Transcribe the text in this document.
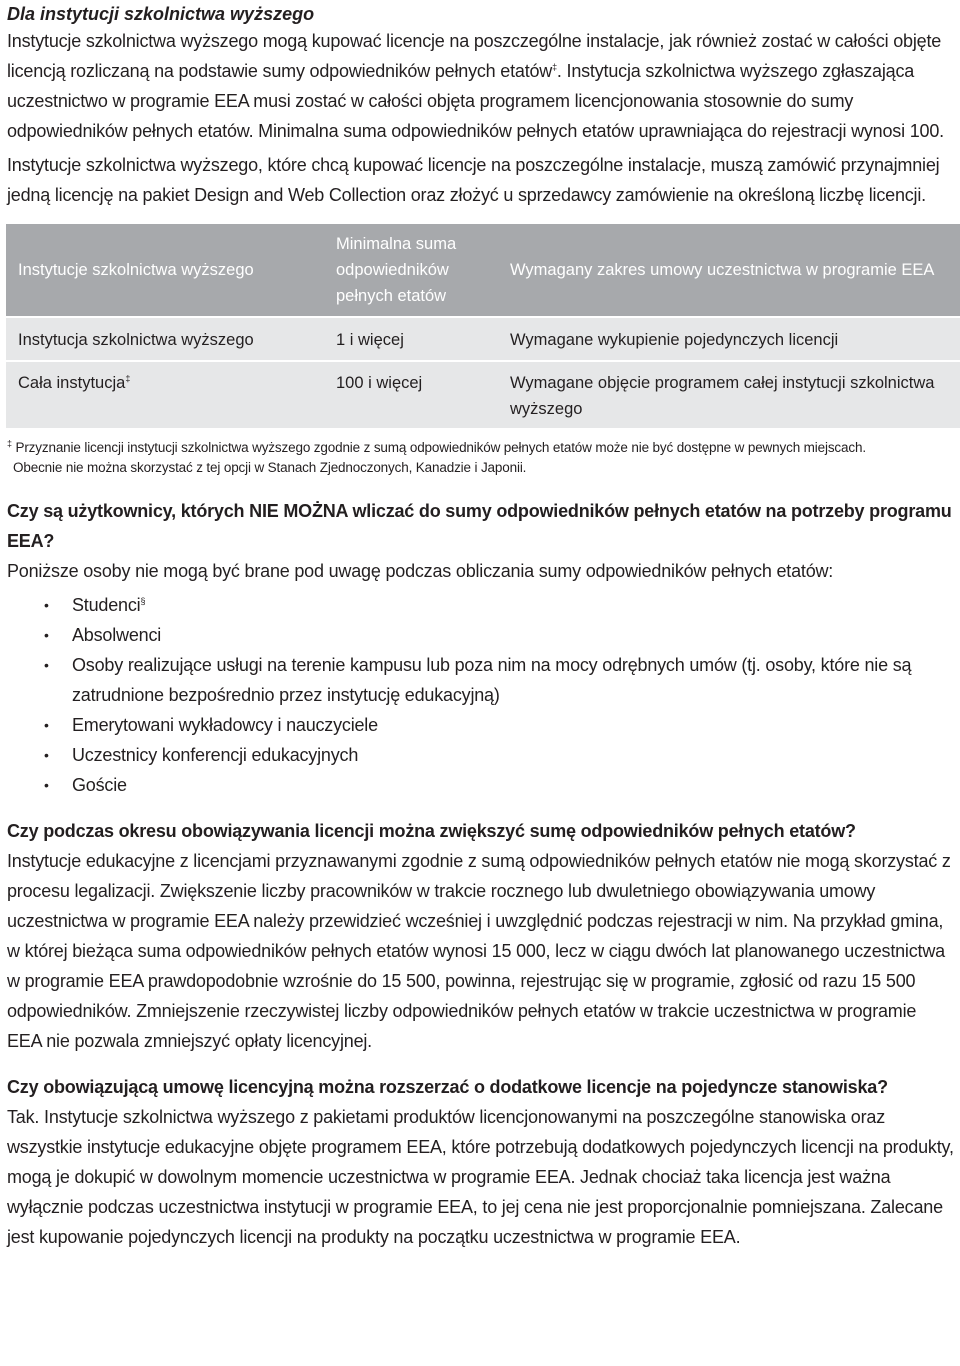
Dla instytucji szkolnictwa wyższego

Instytucje szkolnictwa wyższego mogą kupować licencje na poszczególne instalacje, jak również zostać w całości objęte licencją rozliczaną na podstawie sumy odpowiedników pełnych etatów‡. Instytucja szkolnictwa wyższego zgłaszająca uczestnictwo w programie EEA musi zostać w całości objęta programem licencjonowania stosownie do sumy odpowiedników pełnych etatów. Minimalna suma odpowiedników pełnych etatów uprawniająca do rejestracji wynosi 100.

Instytucje szkolnictwa wyższego, które chcą kupować licencje na poszczególne instalacje, muszą zamówić przynajmniej jedną licencję na pakiet Design and Web Collection oraz złożyć u sprzedawcy zamówienie na określoną liczbę licencji.

Instytucje szkolnictwa wyższego	Minimalna suma odpowiedników pełnych etatów	Wymagany zakres umowy uczestnictwa w programie EEA
Instytucja szkolnictwa wyższego	1 i więcej	Wymagane wykupienie pojedynczych licencji
Cała instytucja‡	100 i więcej	Wymagane objęcie programem całej instytucji szkolnictwa wyższego
‡ Przyznanie licencji instytucji szkolnictwa wyższego zgodnie z sumą odpowiedników pełnych etatów może nie być dostępne w pewnych miejscach.
Obecnie nie można skorzystać z tej opcji w Stanach Zjednoczonych, Kanadzie i Japonii.
Czy są użytkownicy, których NIE MOŻNA wliczać do sumy odpowiedników pełnych etatów na potrzeby programu EEA?

Poniższe osoby nie mogą być brane pod uwagę podczas obliczania sumy odpowiedników pełnych etatów:

• Studenci§
• Absolwenci
• Osoby realizujące usługi na terenie kampusu lub poza nim na mocy odrębnych umów (tj. osoby, które nie są zatrudnione bezpośrednio przez instytucję edukacyjną)
• Emerytowani wykładowcy i nauczyciele
• Uczestnicy konferencji edukacyjnych
• Goście
Czy podczas okresu obowiązywania licencji można zwiększyć sumę odpowiedników pełnych etatów?

Instytucje edukacyjne z licencjami przyznawanymi zgodnie z sumą odpowiedników pełnych etatów nie mogą skorzystać z procesu legalizacji. Zwiększenie liczby pracowników w trakcie rocznego lub dwuletniego obowiązywania umowy uczestnictwa w programie EEA należy przewidzieć wcześniej i uwzględnić podczas rejestracji w nim. Na przykład gmina, w której bieżąca suma odpowiedników pełnych etatów wynosi 15 000, lecz w ciągu dwóch lat planowanego uczestnictwa w programie EEA prawdopodobnie wzrośnie do 15 500, powinna, rejestrując się w programie, zgłosić od razu 15 500 odpowiedników. Zmniejszenie rzeczywistej liczby odpowiedników pełnych etatów w trakcie uczestnictwa w programie EEA nie pozwala zmniejszyć opłaty licencyjnej.

Czy obowiązującą umowę licencyjną można rozszerzać o dodatkowe licencje na pojedyncze stanowiska?

Tak. Instytucje szkolnictwa wyższego z pakietami produktów licencjonowanymi na poszczególne stanowiska oraz wszystkie instytucje edukacyjne objęte programem EEA, które potrzebują dodatkowych pojedynczych licencji na produkty, mogą je dokupić w dowolnym momencie uczestnictwa w programie EEA. Jednak chociaż taka licencja jest ważna wyłącznie podczas uczestnictwa instytucji w programie EEA, to jej cena nie jest proporcjonalnie pomniejszana. Zalecane jest kupowanie pojedynczych licencji na produkty na początku uczestnictwa w programie EEA.
